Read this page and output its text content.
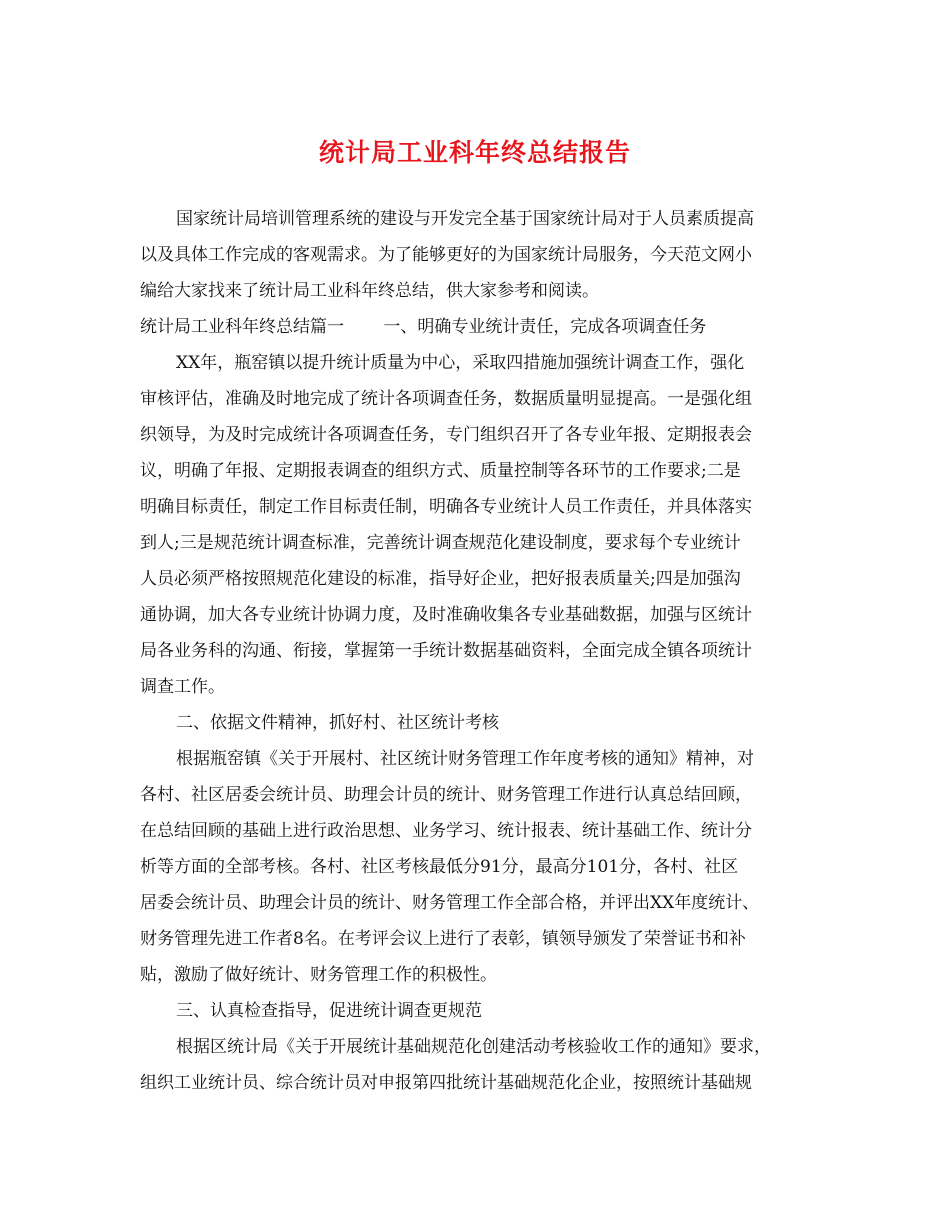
统计局工业科年终总结报告
国家统计局培训管理系统的建设与开发完全基于国家统计局对于人员素质提高
以及具体工作完成的客观需求。为了能够更好的为国家统计局服务，今天范文网小
编给大家找来了统计局工业科年终总结，供大家参考和阅读。
统计局工业科年终总结篇一　　 一、明确专业统计责任，完成各项调查任务
XX年，瓶窑镇以提升统计质量为中心，采取四措施加强统计调查工作，强化
审核评估，准确及时地完成了统计各项调查任务，数据质量明显提高。一是强化组
织领导，为及时完成统计各项调查任务，专门组织召开了各专业年报、定期报表会
议，明确了年报、定期报表调查的组织方式、质量控制等各环节的工作要求;二是
明确目标责任，制定工作目标责任制，明确各专业统计人员工作责任，并具体落实
到人;三是规范统计调查标准，完善统计调查规范化建设制度，要求每个专业统计
人员必须严格按照规范化建设的标准，指导好企业，把好报表质量关;四是加强沟
通协调，加大各专业统计协调力度，及时准确收集各专业基础数据，加强与区统计
局各业务科的沟通、衔接，掌握第一手统计数据基础资料，全面完成全镇各项统计
调查工作。
二、依据文件精神，抓好村、社区统计考核
根据瓶窑镇《关于开展村、社区统计财务管理工作年度考核的通知》精神，对
各村、社区居委会统计员、助理会计员的统计、财务管理工作进行认真总结回顾，
在总结回顾的基础上进行政治思想、业务学习、统计报表、统计基础工作、统计分
析等方面的全部考核。各村、社区考核最低分91分，最高分101分，各村、社区
居委会统计员、助理会计员的统计、财务管理工作全部合格，并评出XX年度统计、
财务管理先进工作者8名。在考评会议上进行了表彰，镇领导颁发了荣誉证书和补
贴，激励了做好统计、财务管理工作的积极性。
三、认真检查指导，促进统计调查更规范
根据区统计局《关于开展统计基础规范化创建活动考核验收工作的通知》要求，
组织工业统计员、综合统计员对申报第四批统计基础规范化企业，按照统计基础规
